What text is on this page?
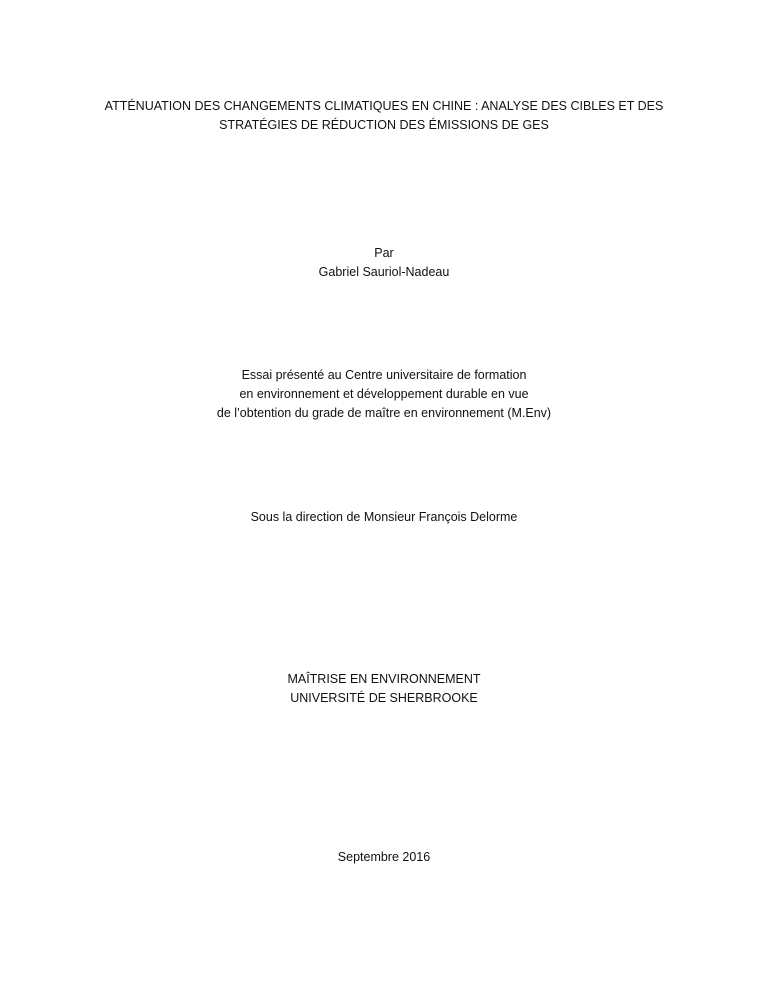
ATTÉNUATION DES CHANGEMENTS CLIMATIQUES EN CHINE : ANALYSE DES CIBLES ET DES
STRATÉGIES DE RÉDUCTION DES ÉMISSIONS DE GES
Par
Gabriel Sauriol-Nadeau
Essai présenté au Centre universitaire de formation
en environnement et développement durable en vue
de l’obtention du grade de maître en environnement (M.Env)
Sous la direction de Monsieur François Delorme
MAÎTRISE EN ENVIRONNEMENT
UNIVERSITÉ DE SHERBROOKE
Septembre 2016
